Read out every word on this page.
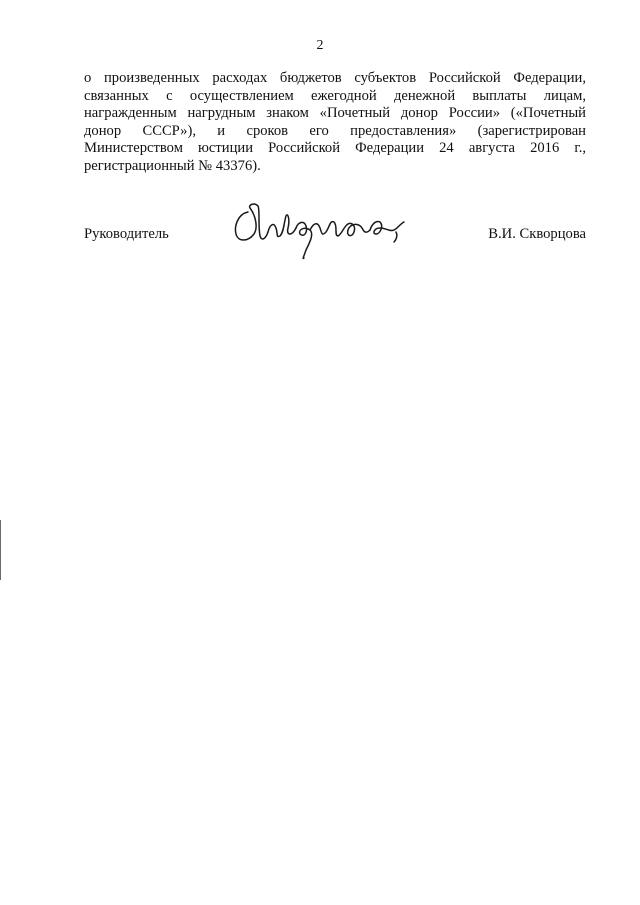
2
о произведенных расходах бюджетов субъектов Российской Федерации,
связанных с осуществлением ежегодной денежной выплаты лицам,
награжденным нагрудным знаком «Почетный донор России» («Почетный
донор СССР»), и сроков его предоставления» (зарегистрирован
Министерством юстиции Российской Федерации 24 августа 2016 г.,
регистрационный № 43376).
Руководитель	В.И. Скворцова
